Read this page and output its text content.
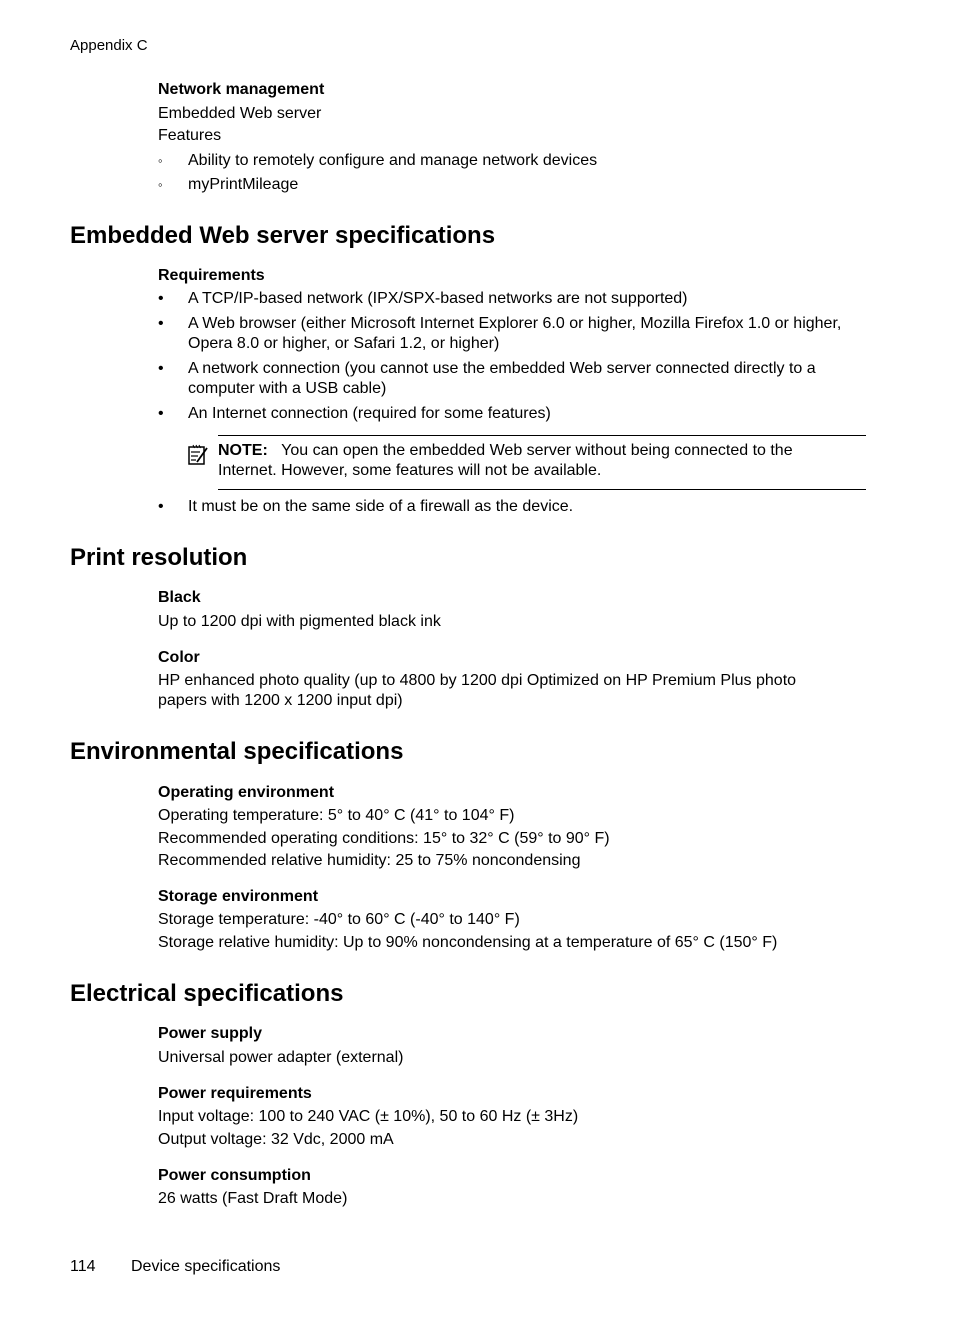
Appendix C
Network management
Embedded Web server
Features
◦ Ability to remotely configure and manage network devices
◦ myPrintMileage
Embedded Web server specifications
Requirements
• A TCP/IP-based network (IPX/SPX-based networks are not supported)
• A Web browser (either Microsoft Internet Explorer 6.0 or higher, Mozilla Firefox 1.0 or higher, Opera 8.0 or higher, or Safari 1.2, or higher)
• A network connection (you cannot use the embedded Web server connected directly to a computer with a USB cable)
• An Internet connection (required for some features)
NOTE: You can open the embedded Web server without being connected to the Internet. However, some features will not be available.
• It must be on the same side of a firewall as the device.
Print resolution
Black
Up to 1200 dpi with pigmented black ink
Color
HP enhanced photo quality (up to 4800 by 1200 dpi Optimized on HP Premium Plus photo papers with 1200 x 1200 input dpi)
Environmental specifications
Operating environment
Operating temperature: 5° to 40° C (41° to 104° F)
Recommended operating conditions: 15° to 32° C (59° to 90° F)
Recommended relative humidity: 25 to 75% noncondensing
Storage environment
Storage temperature: -40° to 60° C (-40° to 140° F)
Storage relative humidity: Up to 90% noncondensing at a temperature of 65° C (150° F)
Electrical specifications
Power supply
Universal power adapter (external)
Power requirements
Input voltage: 100 to 240 VAC (± 10%), 50 to 60 Hz (± 3Hz)
Output voltage: 32 Vdc, 2000 mA
Power consumption
26 watts (Fast Draft Mode)
114 Device specifications
